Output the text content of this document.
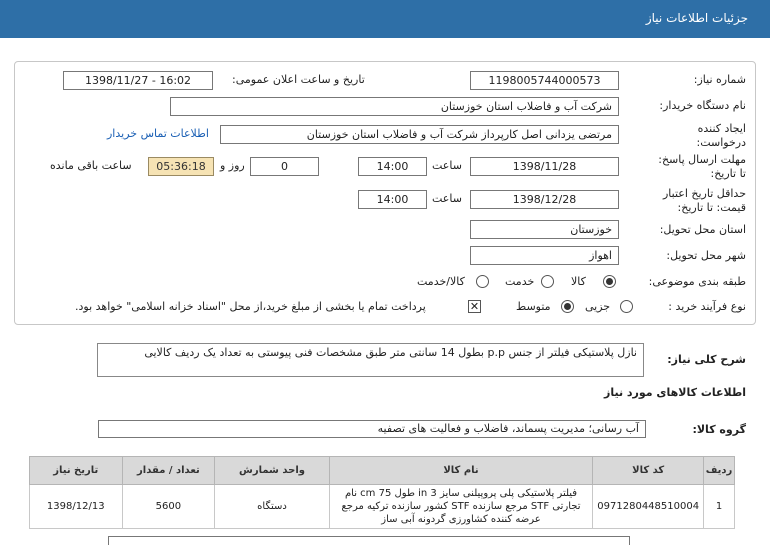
جزئیات اطلاعات نیاز
شماره نیاز:
1198005744000573
تاریخ و ساعت اعلان عمومی:
1398/11/27 - 16:02
نام دستگاه خریدار:
شرکت آب و فاضلاب استان خوزستان
ایجاد کننده
درخواست:
مرتضی یزدانی اصل کارپرداز شرکت آب و فاضلاب استان خوزستان
اطلاعات تماس خریدار
مهلت ارسال پاسخ:
تا تاریخ:
1398/11/28
ساعت
14:00
0
روز و
05:36:18
ساعت باقی مانده
حداقل تاریخ اعتبار
قیمت: تا تاریخ:
1398/12/28
ساعت
14:00
استان محل تحویل:
خوزستان
شهر محل تحویل:
اهواز
طبقه بندی موضوعی:
کالا
خدمت
کالا/خدمت
نوع فرآیند خرید :
جزیی
متوسط
✕
پرداخت تمام یا بخشی از مبلغ خرید،از محل "اسناد خزانه اسلامی" خواهد بود.
شرح کلی نیاز:
نازل پلاستیکی فیلتر از جنس p.p بطول 14 سانتی متر طبق مشخصات فنی پیوستی به تعداد یک ردیف کالایی
اطلاعات کالاهای مورد نیاز
گروه کالا:
آب رسانی؛ مدیریت پسماند، فاضلاب و فعالیت های تصفیه
ردیف	کد کالا	نام کالا	واحد شمارش	تعداد / مقدار	تاریخ نیاز
1	0971280448510004	فیلتر پلاستیکی پلی پروپیلنی سایز 3 in طول 75 cm نام تجارتی STF مرجع سازنده STF کشور سازنده ترکیه مرجع عرضه کننده کشاورزی گردونه آبی ساز	دستگاه	5600	1398/12/13
